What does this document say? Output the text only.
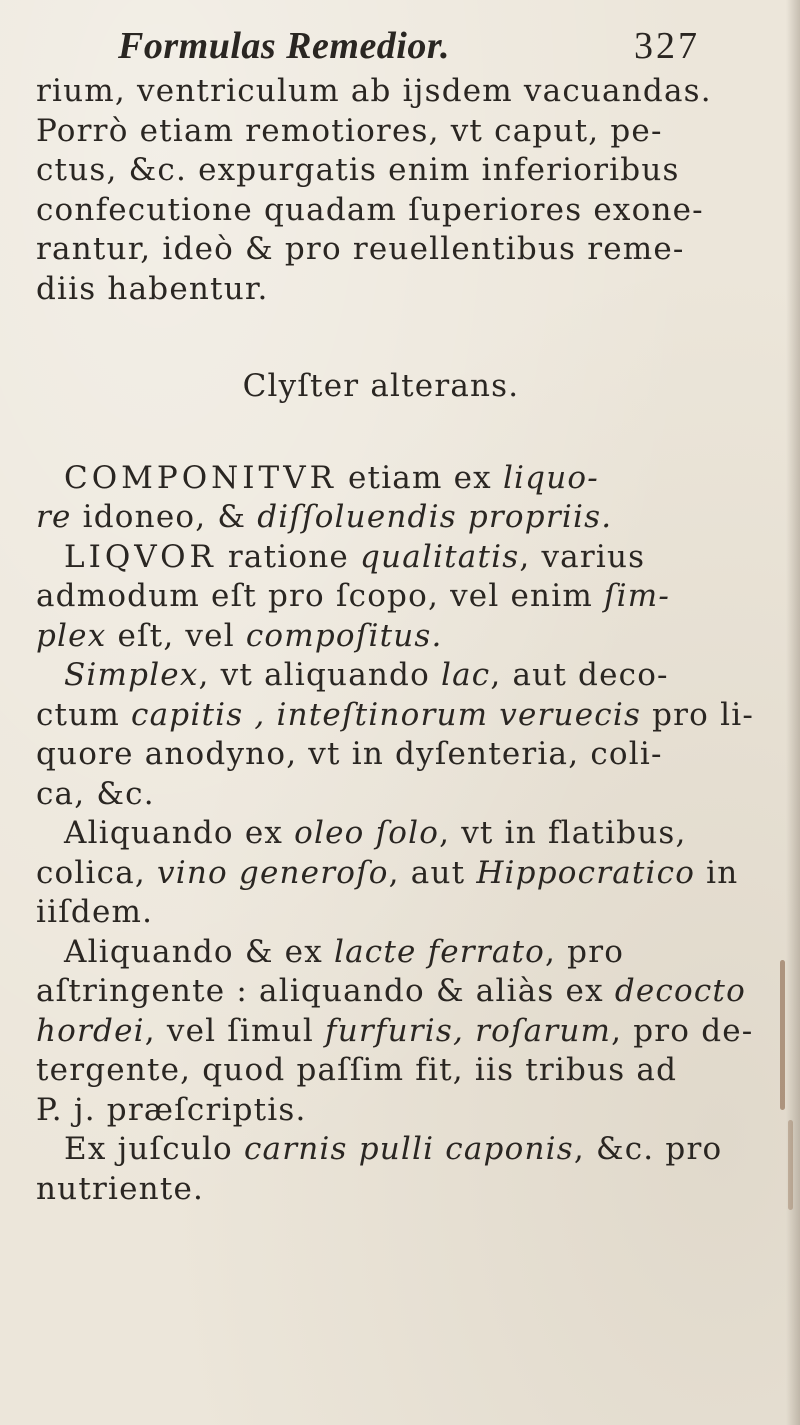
Formulas Remedior.	327
rium, ventriculum ab ijsdem vacuandas.
Porrò etiam remotiores, vt caput, pe-
ctus, &c. expurgatis enim inferioribus
confecutione quadam ſuperiores exone-
rantur, ideò & pro reuellentibus reme-
diis habentur.
Clyſter alterans.
COMPONITVR etiam ex liquo-
re idoneo, & diſſoluendis propriis.
LIQVOR ratione qualitatis, varius
admodum eſt pro ſcopo, vel enim ſim-
plex eſt, vel compoſitus.
Simplex, vt aliquando lac, aut deco-
ctum capitis , inteſtinorum veruecis pro li-
quore anodyno, vt in dyſenteria, coli-
ca, &c.
Aliquando ex oleo ſolo, vt in flatibus,
colica, vino generoſo, aut Hippocratico in
iiſdem.
Aliquando & ex lacte ferrato, pro
aſtringente : aliquando & aliàs ex decocto
hordei, vel ſimul furfuris, roſarum, pro de-
tergente, quod paſſim fit, iis tribus ad
P. j. præſcriptis.
Ex juſculo carnis pulli caponis, &c. pro
nutriente.
